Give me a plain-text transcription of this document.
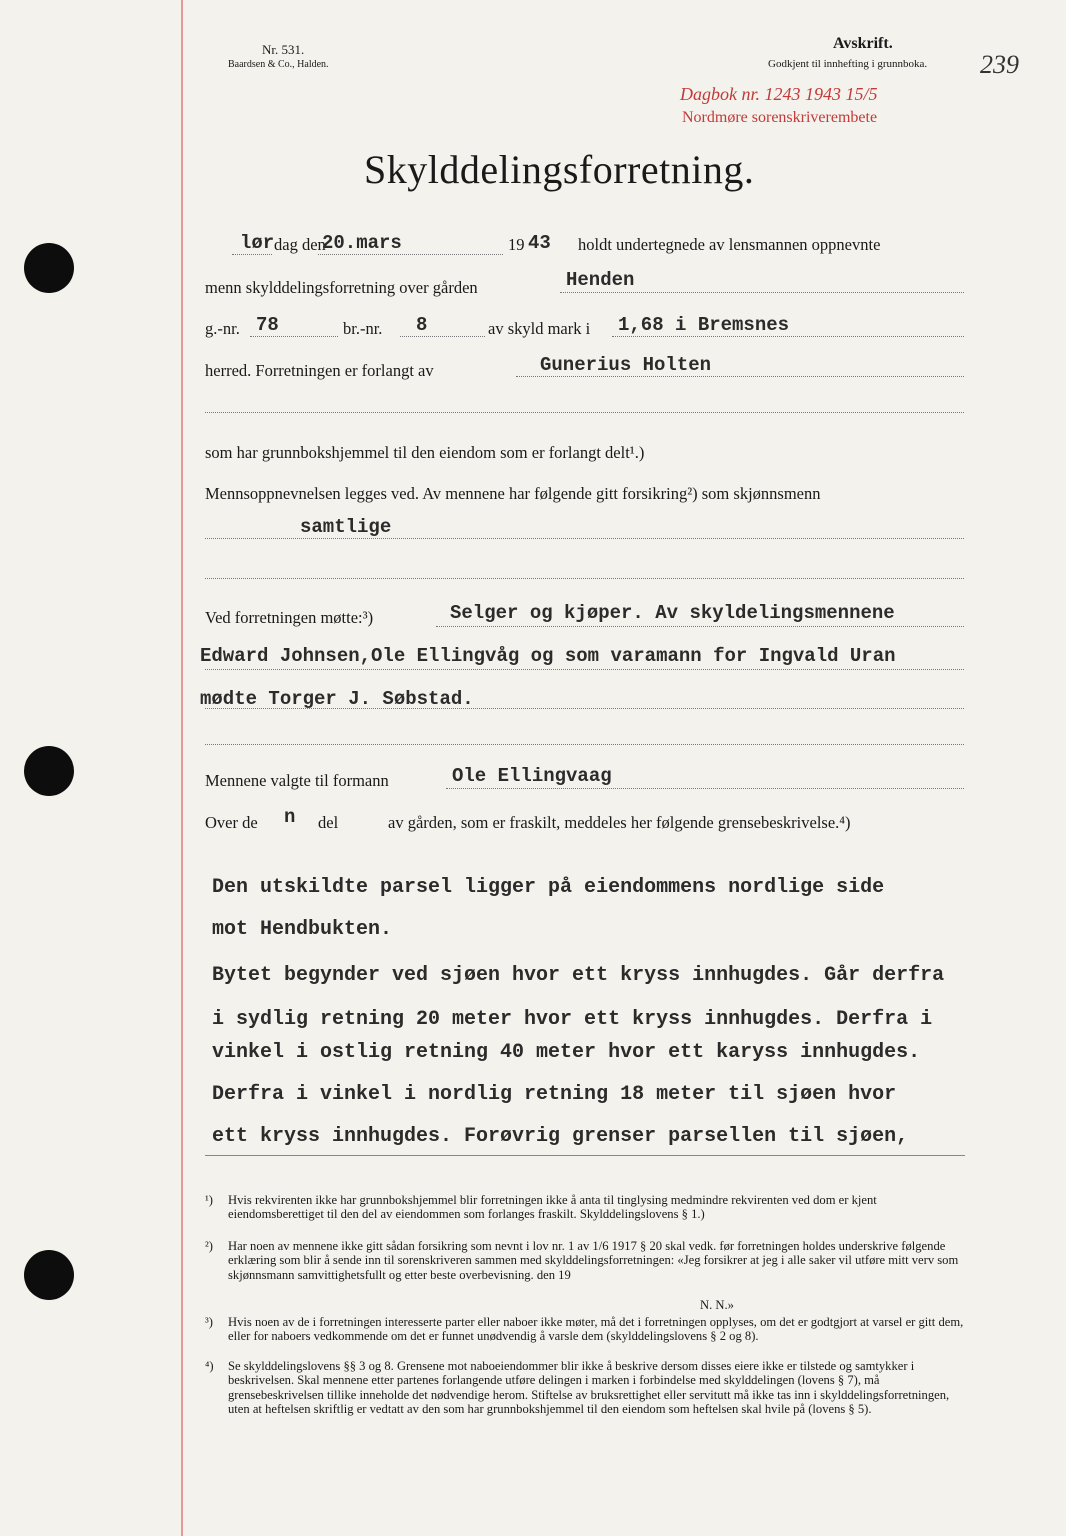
Nr. 531.
Baardsen & Co., Halden.
Avskrift.
Godkjent til innhefting i grunnboka. 239
Dagbok nr. 1243 1943 15/5
Nordmøre sorenskriverembete
Skylddelingsforretning.
lør dag den
20.mars	19 43 holdt undertegnede av lensmannen oppnevnte
menn skylddelingsforretning over gården	Henden
g.-nr. 78	br.-nr. 8	av skyld mark i 1,68 i Bremsnes
herred. Forretningen er forlangt av	Gunerius Holten
som har grunnbokshjemmel til den eiendom som er forlangt delt¹.)
Mennsoppnevnelsen legges ved. Av mennene har følgende gitt forsikring²) som skjønnsmenn
samtlige
Ved forretningen møtte:³)	Selger og kjøper. Av skyldelingsmennene
Edward Johnsen,Ole Ellingvåg og som varamann for Ingvald Uran
mødte Torger J. Søbstad.
Mennene valgte til formann	Ole Ellingvaag
Over de n del	av gården, som er fraskilt, meddeles her følgende grensebeskrivelse.⁴)
Den utskildte parsel ligger på eiendommens nordlige side
mot Hendbukten.
Bytet begynder ved sjøen hvor ett kryss innhugdes. Går derfra
i sydlig retning 20 meter hvor ett kryss innhugdes. Derfra i
vinkel i ostlig retning 40 meter hvor ett karyss innhugdes.
Derfra i vinkel i nordlig retning 18 meter til sjøen hvor
ett kryss innhugdes. Forøvrig grenser parsellen til sjøen,
¹) Hvis rekvirenten ikke har grunnbokshjemmel blir forretningen ikke å anta til tinglysing medmindre rekvirenten ved dom er kjent eiendomsberettiget til den del av eiendommen som forlanges fraskilt. Skylddelingslovens § 1.)
²) Har noen av mennene ikke gitt sådan forsikring som nevnt i lov nr. 1 av 1/6 1917 § 20 skal vedk. før forretningen holdes underskrive følgende erklæring som blir å sende inn til sorenskriveren sammen med skylddelingsforretningen: «Jeg forsikrer at jeg i alle saker vil utføre mitt verv som skjønnsmann samvittighetsfullt og etter beste overbevisning. den 19
N. N.»
³) Hvis noen av de i forretningen interesserte parter eller naboer ikke møter, må det i forretningen opplyses, om det er godtgjort at varsel er gitt dem, eller for naboers vedkommende om det er funnet unødvendig å varsle dem (skylddelingslovens § 2 og 8).
⁴) Se skylddelingslovens §§ 3 og 8. Grensene mot naboeiendommer blir ikke å beskrive dersom disses eiere ikke er tilstede og samtykker i beskrivelsen. Skal mennene etter partenes forlangende utføre delingen i marken i forbindelse med skylddelingen (lovens § 7), må grensebeskrivelsen tillike inneholde det nødvendige herom. Stiftelse av bruksrettighet eller servitutt må ikke tas inn i skylddelingsforretningen, uten at heftelsen skriftlig er vedtatt av den som har grunnbokshjemmel til den eiendom som heftelsen skal hvile på (lovens § 5).
